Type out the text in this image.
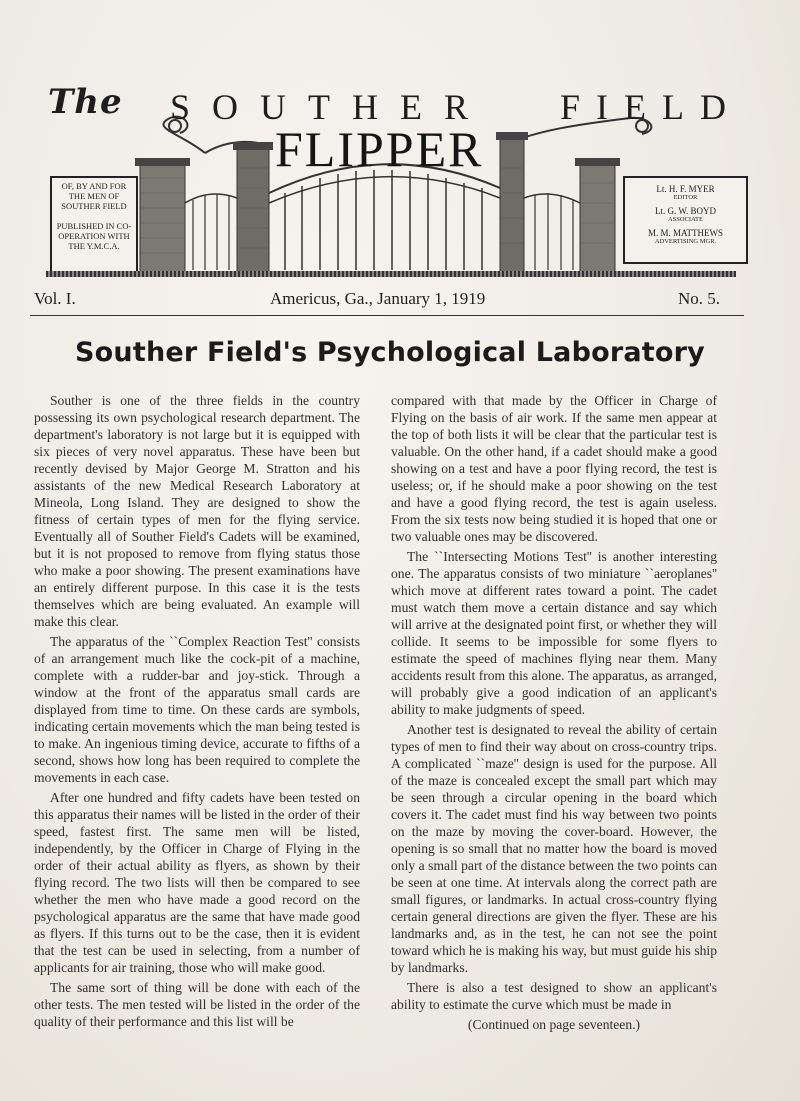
The SOUTHER FIELD
FLIPPER
OF, BY AND FOR THE MEN OF SOUTHER FIELD
PUBLISHED IN CO-OPERATION WITH THE Y.M.C.A.
Lt. H. F. MYER
EDITOR
Lt. G. W. BOYD
ASSOCIATE
M. M. MATTHEWS
ADVERTISING MGR.
Vol. I.	Americus, Ga., January 1, 1919	No. 5.
Souther Field's Psychological Laboratory

Souther is one of the three fields in the country possessing its own psychological research department. The department's laboratory is not large but it is equipped with six pieces of very novel apparatus. These have been but recently devised by Major George M. Stratton and his assistants of the new Medical Research Laboratory at Mineola, Long Island. They are designed to show the fitness of certain types of men for the flying service. Eventually all of Souther Field's Cadets will be examined, but it is not proposed to remove from flying status those who make a poor showing. The present examinations have an entirely different purpose. In this case it is the tests themselves which are being evaluated. An example will make this clear.

The apparatus of the ``Complex Reaction Test'' consists of an arrangement much like the cock-pit of a machine, complete with a rudder-bar and joy-stick. Through a window at the front of the apparatus small cards are displayed from time to time. On these cards are symbols, indicating certain movements which the man being tested is to make. An ingenious timing device, accurate to fifths of a second, shows how long has been required to complete the movements in each case.

After one hundred and fifty cadets have been tested on this apparatus their names will be listed in the order of their speed, fastest first. The same men will be listed, independently, by the Officer in Charge of Flying in the order of their actual ability as flyers, as shown by their flying record. The two lists will then be compared to see whether the men who have made a good record on the psychological apparatus are the same that have made good as flyers. If this turns out to be the case, then it is evident that the test can be used in selecting, from a number of applicants for air training, those who will make good.

The same sort of thing will be done with each of the other tests. The men tested will be listed in the order of the quality of their performance and this list will be

compared with that made by the Officer in Charge of Flying on the basis of air work. If the same men appear at the top of both lists it will be clear that the particular test is valuable. On the other hand, if a cadet should make a good showing on a test and have a poor flying record, the test is useless; or, if he should make a poor showing on the test and have a good flying record, the test is again useless. From the six tests now being studied it is hoped that one or two valuable ones may be discovered.

The ``Intersecting Motions Test'' is another interesting one. The apparatus consists of two miniature ``aeroplanes'' which move at different rates toward a point. The cadet must watch them move a certain distance and say which will arrive at the designated point first, or whether they will collide. It seems to be impossible for some flyers to estimate the speed of machines flying near them. Many accidents result from this alone. The apparatus, as arranged, will probably give a good indication of an applicant's ability to make judgments of speed.

Another test is designated to reveal the ability of certain types of men to find their way about on cross-country trips. A complicated ``maze'' design is used for the purpose. All of the maze is concealed except the small part which may be seen through a circular opening in the board which covers it. The cadet must find his way between two points on the maze by moving the cover-board. However, the opening is so small that no matter how the board is moved only a small part of the distance between the two points can be seen at one time. At intervals along the correct path are small figures, or landmarks. In actual cross-country flying certain general directions are given the flyer. These are his landmarks and, as in the test, he can not see the point toward which he is making his way, but must guide his ship by landmarks.

There is also a test designed to show an applicant's ability to estimate the curve which must be made in

(Continued on page seventeen.)
